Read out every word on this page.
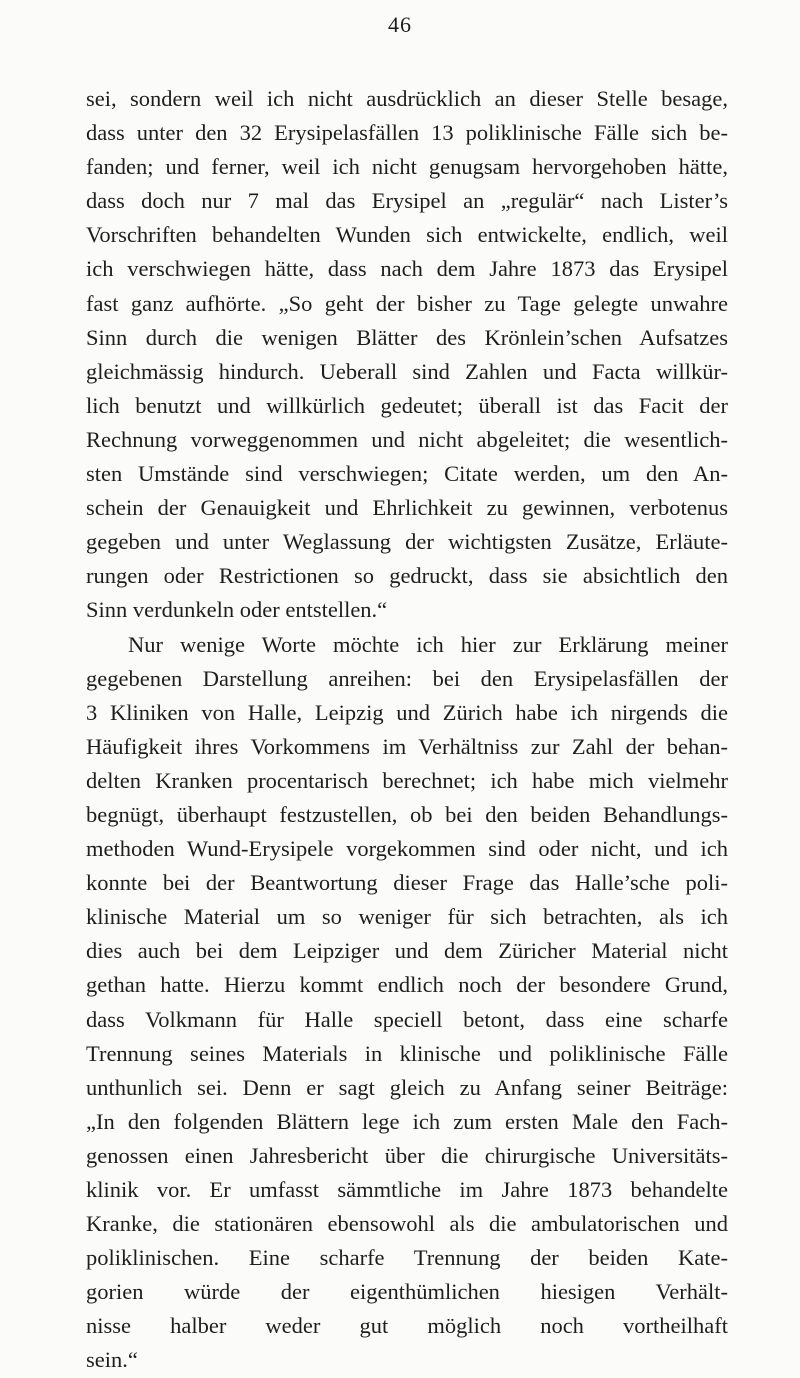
46
sei, sondern weil ich nicht ausdrücklich an dieser Stelle besage,
dass unter den 32 Erysipelasfällen 13 poliklinische Fälle sich be-
fanden; und ferner, weil ich nicht genugsam hervorgehoben hätte,
dass doch nur 7 mal das Erysipel an „regulär“ nach Lister’s
Vorschriften behandelten Wunden sich entwickelte, endlich, weil
ich verschwiegen hätte, dass nach dem Jahre 1873 das Erysipel
fast ganz aufhörte. „So geht der bisher zu Tage gelegte unwahre
Sinn durch die wenigen Blätter des Krönlein’schen Aufsatzes
gleichmässig hindurch. Ueberall sind Zahlen und Facta willkür-
lich benutzt und willkürlich gedeutet; überall ist das Facit der
Rechnung vorweggenommen und nicht abgeleitet; die wesentlich-
sten Umstände sind verschwiegen; Citate werden, um den An-
schein der Genauigkeit und Ehrlichkeit zu gewinnen, verbotenus
gegeben und unter Weglassung der wichtigsten Zusätze, Erläute-
rungen oder Restrictionen so gedruckt, dass sie absichtlich den
Sinn verdunkeln oder entstellen.“
Nur wenige Worte möchte ich hier zur Erklärung meiner
gegebenen Darstellung anreihen: bei den Erysipelasfällen der
3 Kliniken von Halle, Leipzig und Zürich habe ich nirgends die
Häufigkeit ihres Vorkommens im Verhältniss zur Zahl der behan-
delten Kranken procentarisch berechnet; ich habe mich vielmehr
begnügt, überhaupt festzustellen, ob bei den beiden Behandlungs-
methoden Wund-Erysipele vorgekommen sind oder nicht, und ich
konnte bei der Beantwortung dieser Frage das Halle’sche poli-
klinische Material um so weniger für sich betrachten, als ich
dies auch bei dem Leipziger und dem Züricher Material nicht
gethan hatte. Hierzu kommt endlich noch der besondere Grund,
dass Volkmann für Halle speciell betont, dass eine scharfe
Trennung seines Materials in klinische und poliklinische Fälle
unthunlich sei. Denn er sagt gleich zu Anfang seiner Beiträge:
„In den folgenden Blättern lege ich zum ersten Male den Fach-
genossen einen Jahresbericht über die chirurgische Universitäts-
klinik vor. Er umfasst sämmtliche im Jahre 1873 behandelte
Kranke, die stationären ebensowohl als die ambulatorischen und
poliklinischen. Eine scharfe Trennung der beiden Kate-
gorien würde der eigenthümlichen hiesigen Verhält-
nisse halber weder gut möglich noch vortheilhaft
sein.“
